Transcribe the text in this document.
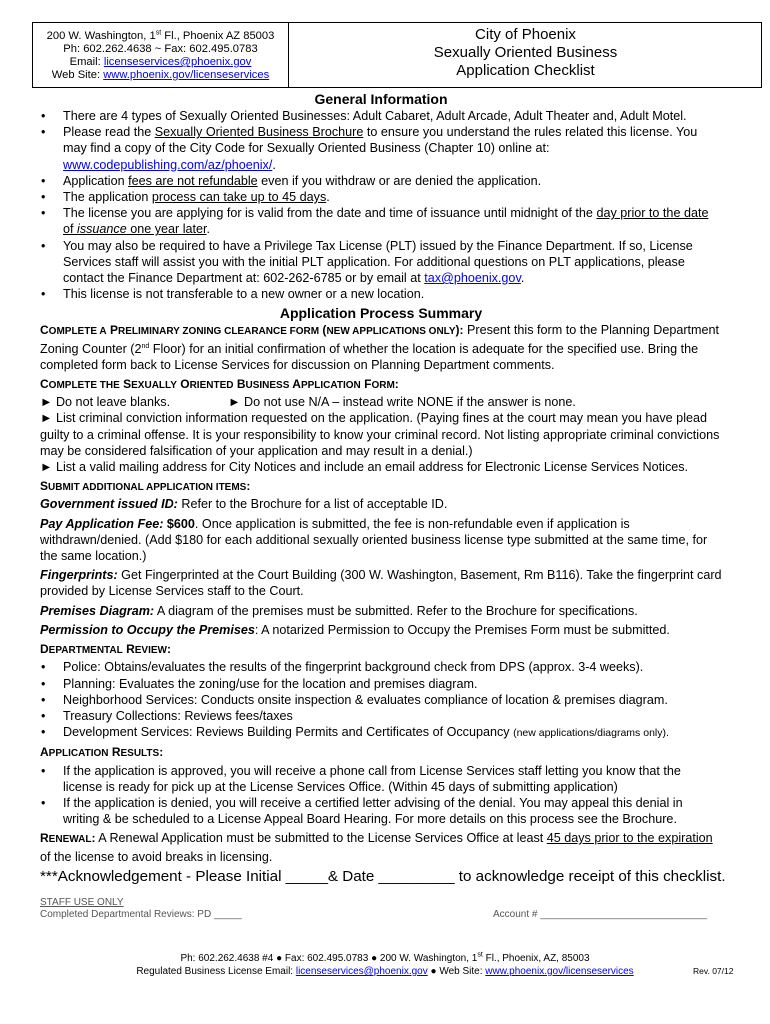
200 W. Washington, 1st Fl., Phoenix AZ 85003
Ph: 602.262.4638 ~ Fax: 602.495.0783
Email: licenseservices@phoenix.gov
Web Site: www.phoenix.gov/licenseservices
City of Phoenix
Sexually Oriented Business
Application Checklist
General Information
• There are 4 types of Sexually Oriented Businesses: Adult Cabaret, Adult Arcade, Adult Theater and, Adult Motel.
• Please read the Sexually Oriented Business Brochure to ensure you understand the rules related this license. You may find a copy of the City Code for Sexually Oriented Business (Chapter 10) online at: www.codepublishing.com/az/phoenix/.
• Application fees are not refundable even if you withdraw or are denied the application.
• The application process can take up to 45 days.
• The license you are applying for is valid from the date and time of issuance until midnight of the day prior to the date of issuance one year later.
• You may also be required to have a Privilege Tax License (PLT) issued by the Finance Department. If so, License Services staff will assist you with the initial PLT application. For additional questions on PLT applications, please contact the Finance Department at: 602-262-6785 or by email at tax@phoenix.gov.
• This license is not transferable to a new owner or a new location.
Application Process Summary

COMPLETE A PRELIMINARY ZONING CLEARANCE FORM (NEW APPLICATIONS ONLY): Present this form to the Planning Department Zoning Counter (2nd Floor) for an initial confirmation of whether the location is adequate for the specified use. Bring the completed form back to License Services for discussion on Planning Department comments.

COMPLETE THE SEXUALLY ORIENTED BUSINESS APPLICATION FORM:

► Do not leave blanks.	► Do not use N/A – instead write NONE if the answer is none.

► List criminal conviction information requested on the application. (Paying fines at the court may mean you have plead guilty to a criminal offense. It is your responsibility to know your criminal record. Not listing appropriate criminal convictions may be considered falsification of your application and may result in a denial.)

► List a valid mailing address for City Notices and include an email address for Electronic License Services Notices.

SUBMIT ADDITIONAL APPLICATION ITEMS:

Government issued ID: Refer to the Brochure for a list of acceptable ID.

Pay Application Fee: $600. Once application is submitted, the fee is non-refundable even if application is withdrawn/denied. (Add $180 for each additional sexually oriented business license type submitted at the same time, for the same location.)

Fingerprints: Get Fingerprinted at the Court Building (300 W. Washington, Basement, Rm B116). Take the fingerprint card provided by License Services staff to the Court.

Premises Diagram: A diagram of the premises must be submitted. Refer to the Brochure for specifications.

Permission to Occupy the Premises: A notarized Permission to Occupy the Premises Form must be submitted.

DEPARTMENTAL REVIEW:

• Police: Obtains/evaluates the results of the fingerprint background check from DPS (approx. 3-4 weeks).
• Planning: Evaluates the zoning/use for the location and premises diagram.
• Neighborhood Services: Conducts onsite inspection & evaluates compliance of location & premises diagram.
• Treasury Collections: Reviews fees/taxes
• Development Services: Reviews Building Permits and Certificates of Occupancy (new applications/diagrams only).

APPLICATION RESULTS:

• If the application is approved, you will receive a phone call from License Services staff letting you know that the license is ready for pick up at the License Services Office. (Within 45 days of submitting application)
• If the application is denied, you will receive a certified letter advising of the denial. You may appeal this denial in writing & be scheduled to a License Appeal Board Hearing. For more details on this process see the Brochure.

RENEWAL: A Renewal Application must be submitted to the License Services Office at least 45 days prior to the expiration of the license to avoid breaks in licensing.

***Acknowledgement - Please Initial _____& Date _________ to acknowledge receipt of this checklist.
STAFF USE ONLY
Completed Departmental Reviews: PD _____	Account # ______________________________
Ph: 602.262.4638 #4 ● Fax: 602.495.0783 ● 200 W. Washington, 1st Fl., Phoenix, AZ, 85003
Regulated Business License Email: licenseservices@phoenix.gov ● Web Site: www.phoenix.gov/licenseservices	Rev. 07/12
